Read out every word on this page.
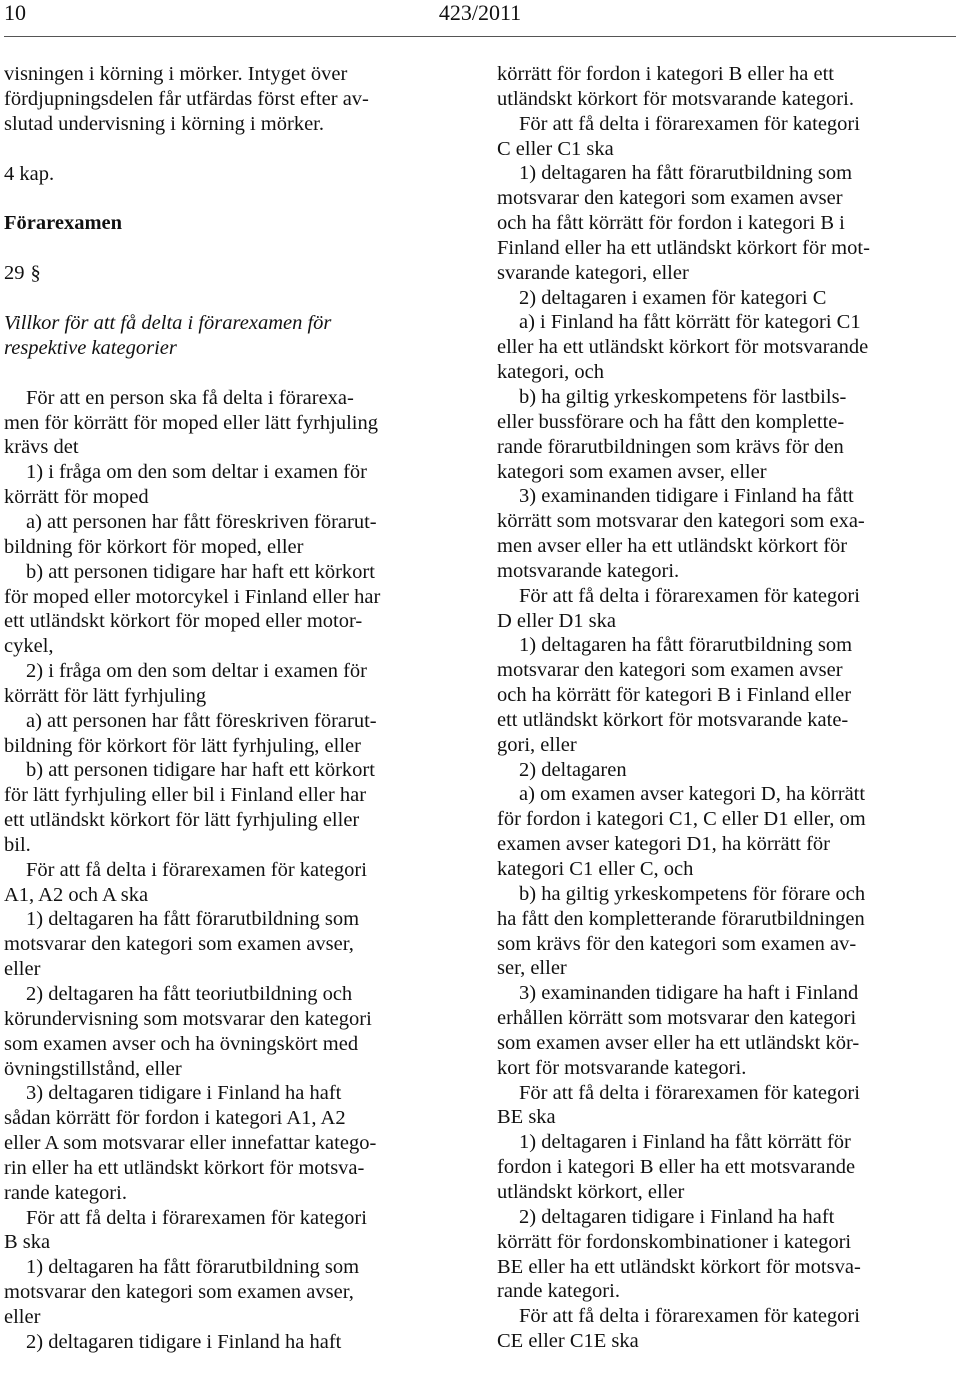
10	423/2011

visningen i körning i mörker. Intyget över

fördjupningsdelen får utfärdas först efter av-

slutad undervisning i körning i mörker.

4 kap.

Förarexamen

29 §

Villkor för att få delta i förarexamen för

respektive kategorier

För att en person ska få delta i förarexa-

men för körrätt för moped eller lätt fyrhjuling

krävs det

1) i fråga om den som deltar i examen för

körrätt för moped

a) att personen har fått föreskriven förarut-

bildning för körkort för moped, eller

b) att personen tidigare har haft ett körkort

för moped eller motorcykel i Finland eller har

ett utländskt körkort för moped eller motor-

cykel,

2) i fråga om den som deltar i examen för

körrätt för lätt fyrhjuling

a) att personen har fått föreskriven förarut-

bildning för körkort för lätt fyrhjuling, eller

b) att personen tidigare har haft ett körkort

för lätt fyrhjuling eller bil i Finland eller har

ett utländskt körkort för lätt fyrhjuling eller

bil.

För att få delta i förarexamen för kategori

A1, A2 och A ska

1) deltagaren ha fått förarutbildning som

motsvarar den kategori som examen avser,

eller

2) deltagaren ha fått teoriutbildning och

körundervisning som motsvarar den kategori

som examen avser och ha övningskört med

övningstillstånd, eller

3) deltagaren tidigare i Finland ha haft

sådan körrätt för fordon i kategori A1, A2

eller A som motsvarar eller innefattar katego-

rin eller ha ett utländskt körkort för motsva-

rande kategori.

För att få delta i förarexamen för kategori

B ska

1) deltagaren ha fått förarutbildning som

motsvarar den kategori som examen avser,

eller

2) deltagaren tidigare i Finland ha haft

körrätt för fordon i kategori B eller ha ett

utländskt körkort för motsvarande kategori.

För att få delta i förarexamen för kategori

C eller C1 ska

1) deltagaren ha fått förarutbildning som

motsvarar den kategori som examen avser

och ha fått körrätt för fordon i kategori B i

Finland eller ha ett utländskt körkort för mot-

svarande kategori, eller

2) deltagaren i examen för kategori C

a) i Finland ha fått körrätt för kategori C1

eller ha ett utländskt körkort för motsvarande

kategori, och

b) ha giltig yrkeskompetens för lastbils-

eller bussförare och ha fått den komplette-

rande förarutbildningen som krävs för den

kategori som examen avser, eller

3) examinanden tidigare i Finland ha fått

körrätt som motsvarar den kategori som exa-

men avser eller ha ett utländskt körkort för

motsvarande kategori.

För att få delta i förarexamen för kategori

D eller D1 ska

1) deltagaren ha fått förarutbildning som

motsvarar den kategori som examen avser

och ha körrätt för kategori B i Finland eller

ett utländskt körkort för motsvarande kate-

gori, eller

2) deltagaren

a) om examen avser kategori D, ha körrätt

för fordon i kategori C1, C eller D1 eller, om

examen avser kategori D1, ha körrätt för

kategori C1 eller C, och

b) ha giltig yrkeskompetens för förare och

ha fått den kompletterande förarutbildningen

som krävs för den kategori som examen av-

ser, eller

3) examinanden tidigare ha haft i Finland

erhållen körrätt som motsvarar den kategori

som examen avser eller ha ett utländskt kör-

kort för motsvarande kategori.

För att få delta i förarexamen för kategori

BE ska

1) deltagaren i Finland ha fått körrätt för

fordon i kategori B eller ha ett motsvarande

utländskt körkort, eller

2) deltagaren tidigare i Finland ha haft

körrätt för fordonskombinationer i kategori

BE eller ha ett utländskt körkort för motsva-

rande kategori.

För att få delta i förarexamen för kategori

CE eller C1E ska
